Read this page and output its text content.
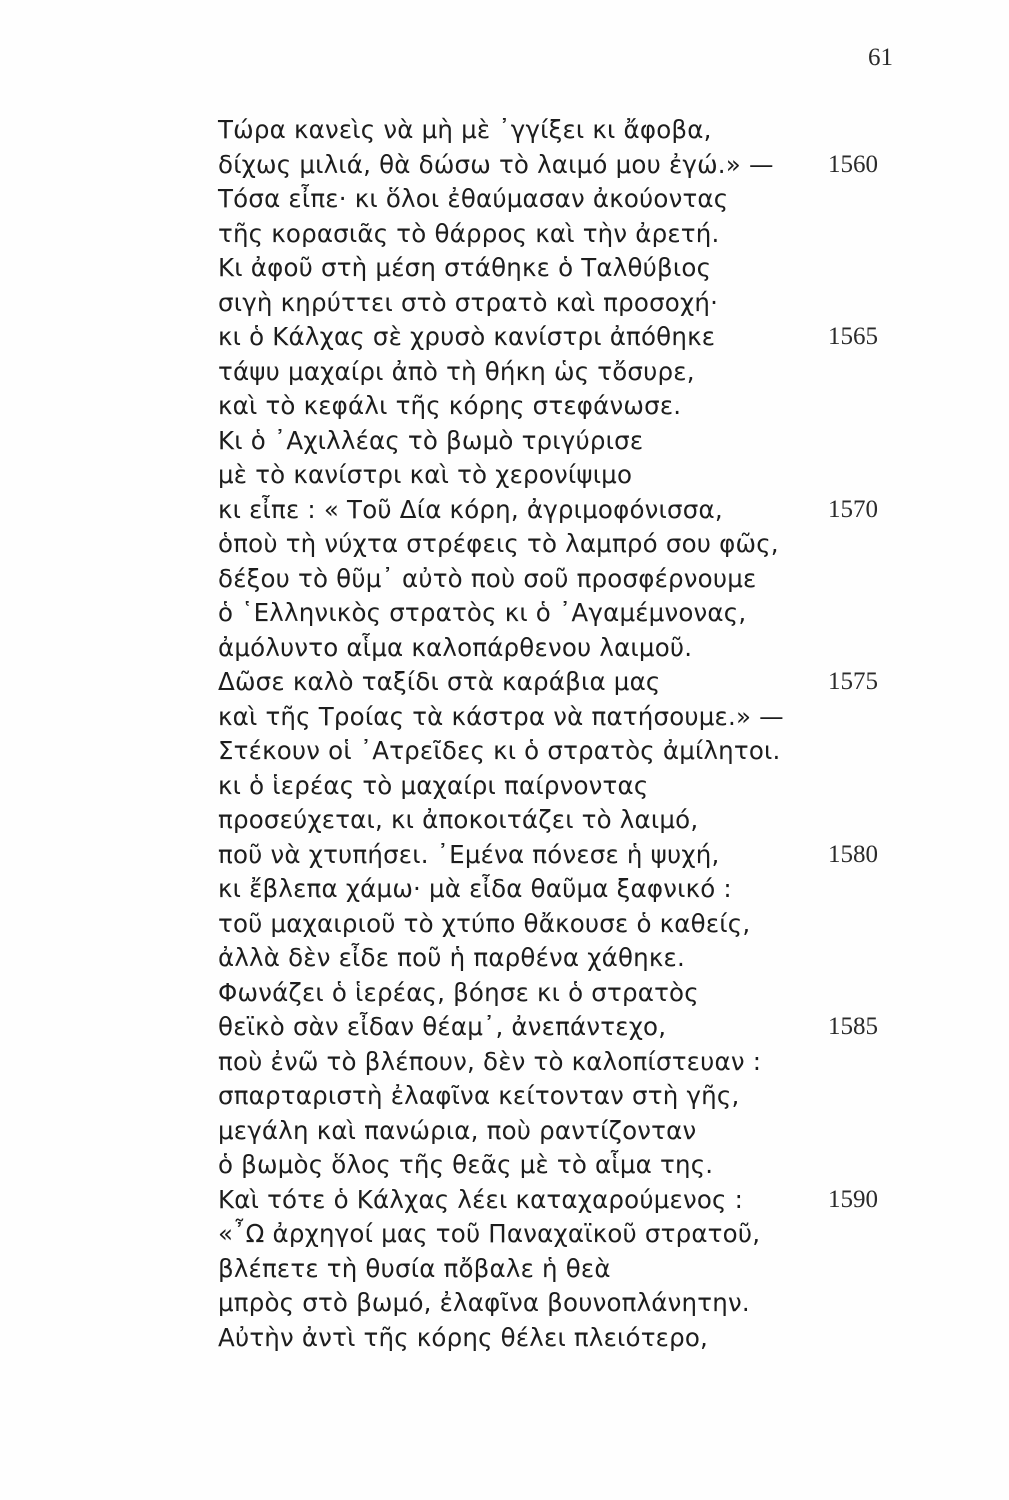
61
Τώρα κανεὶς νὰ μὴ μὲ ᾿γγίξει κι ἄφοβα,
δίχως μιλιά, θὰ δώσω τὸ λαιμό μου ἐγώ.» —
Τόσα εἶπε· κι ὅλοι ἐθαύμασαν ἀκούοντας
τῆς κορασιᾶς τὸ θάρρος καὶ τὴν ἀρετή.
Κι ἀφοῦ στὴ μέση στάθηκε ὁ Ταλθύβιος
σιγὴ κηρύττει στὸ στρατὸ καὶ προσοχή·
κι ὁ Κάλχας σὲ χρυσὸ κανίστρι ἀπόθηκε
τάψυ μαχαίρι ἀπὸ τὴ θήκη ὡς τὄσυρε,
καὶ τὸ κεφάλι τῆς κόρης στεφάνωσε.
Κι ὁ ᾿Αχιλλέας τὸ βωμὸ τριγύρισε
μὲ τὸ κανίστρι καὶ τὸ χερονίψιμο
κι εἶπε : « Τοῦ Δία κόρη, ἀγριμοφόνισσα,
ὁποὺ τὴ νύχτα στρέφεις τὸ λαμπρό σου φῶς,
δέξου τὸ θῦμ᾿ αὐτὸ ποὺ σοῦ προσφέρνουμε
ὁ ῾Ελληνικὸς στρατὸς κι ὁ ᾿Αγαμέμνονας,
ἀμόλυντο αἷμα καλοπάρθενου λαιμοῦ.
Δῶσε καλὸ ταξίδι στὰ καράβια μας
καὶ τῆς Τροίας τὰ κάστρα νὰ πατήσουμε.» —
Στέκουν οἱ ᾿Ατρεῖδες κι ὁ στρατὸς ἀμίλητοι.
κι ὁ ἱερέας τὸ μαχαίρι παίρνοντας
προσεύχεται, κι ἀποκοιτάζει τὸ λαιμό,
ποῦ νὰ χτυπήσει. ᾿Εμένα πόνεσε ἡ ψυχή,
κι ἔβλεπα χάμω· μὰ εἶδα θαῦμα ξαφνικό :
τοῦ μαχαιριοῦ τὸ χτύπο θἄκουσε ὁ καθείς,
ἀλλὰ δὲν εἶδε ποῦ ἡ παρθένα χάθηκε.
Φωνάζει ὁ ἱερέας, βόησε κι ὁ στρατὸς
θεϊκὸ σὰν εἶδαν θέαμ᾿, ἀνεπάντεχο,
ποὺ ἐνῶ τὸ βλέπουν, δὲν τὸ καλοπίστευαν :
σπαρταριστὴ ἐλαφῖνα κείτονταν στὴ γῆς,
μεγάλη καὶ πανώρια, ποὺ ραντίζονταν
ὁ βωμὸς ὅλος τῆς θεᾶς μὲ τὸ αἷμα της.
Καὶ τότε ὁ Κάλχας λέει καταχαρούμενος :
«῏Ω ἀρχηγοί μας τοῦ Παναχαϊκοῦ στρατοῦ,
βλέπετε τὴ θυσία πὄβαλε ἡ θεὰ
μπρὸς στὸ βωμό, ἐλαφῖνα βουνοπλάνητην.
Αὐτὴν ἀντὶ τῆς κόρης θέλει πλειότερο,
1560
1565
1570
1575
1580
1585
1590
